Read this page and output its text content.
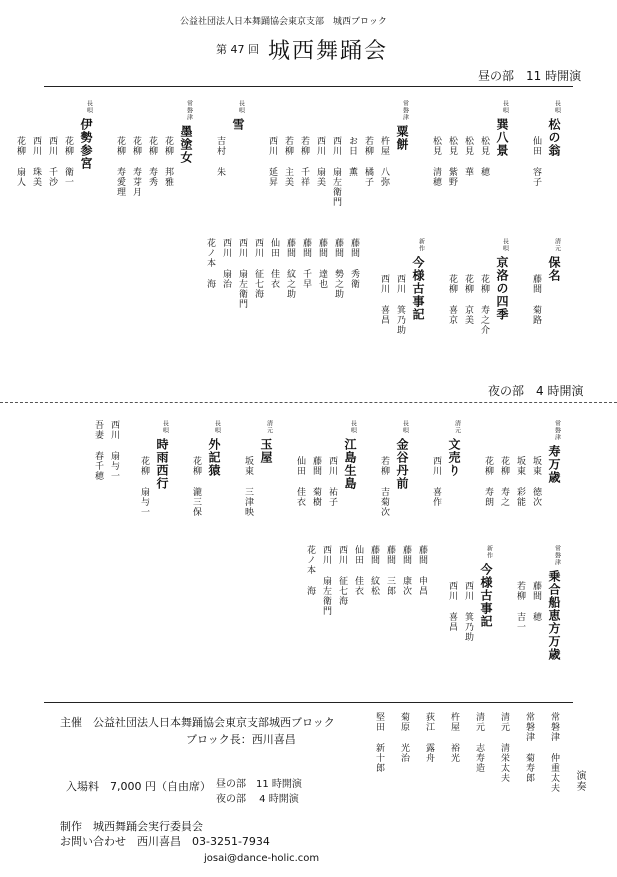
公益社団法人日本舞踊協会東京支部　城西ブロック
第 47 回 城西舞踊会
昼の部　11 時開演
長唄
松の翁
仙田 容子
長唄
巽八景
松見 穂
松見 華
松見 紫野
松見 清穂
常磐津
粟餅
杵屋 八弥
若柳 橘子
お日 薫
西川 扇左衛門
西川 扇美
若柳 千祥
若柳 主美
西川 延昇
長唄
雪
吉村 朱
常磐津
墨塗女
花柳 邦雅
花柳 寿秀
花柳 寿芽月
花柳 寿愛理
長唄
伊勢参宮
花柳 衛一
西川 千沙
西川 珠美
花柳 扇人
清元
保名
藤間 菊路
長唄
京洛の四季
花柳 寿之介
花柳 京美
花柳 喜京
新作
今様古事記
西川 箕乃助
西川 喜昌
藤間 秀衛
藤間 勢之助
藤間 達也
藤間 千早
藤間 紋之助
仙田 佳衣
西川 征七海
西川 扇左衛門
西川 扇治
花ノ本 海
夜の部　4 時開演
常磐津
寿万歳
坂東 徳次
坂東 彩能
花柳 寿之
花柳 寿朗
清元
文売り
西川 喜作
長唄
金谷丹前
若柳 吉菊次
長唄
江島生島
西川 祐子
藤間 菊樹
仙田 佳衣
清元
玉屋
坂東 三津映
長唄
外記猿
花柳 瀧三保
長唄
時雨西行
花柳 扇与一
西川 扇与一
吾妻 春千穂
常磐津
乗合船恵方万歳
藤間 穂
若柳 吉一
新作
今様古事記
西川 箕乃助
西川 喜昌
藤間 申昌
藤間 康次
藤間 三郎
藤間 紋松
仙田 佳衣
西川 征七海
西川 扇左衛門
花ノ本 海
主催　公益社団法人日本舞踊協会東京支部城西ブロック
ブロック長：西川喜昌
入場料　7,000 円（自由席） 昼の部　11 時開演
夜の部　 4 時開演
制作　城西舞踊会実行委員会
お問い合わせ　西川喜昌　03-3251-7934
josai@dance-holic.com
常磐津 仲重太夫
常磐津 菊寿郎
清元 清栄太夫
清元 志寿造
杵屋 裕光
荻江 露舟
菊原 光治
堅田 新十郎
演奏
